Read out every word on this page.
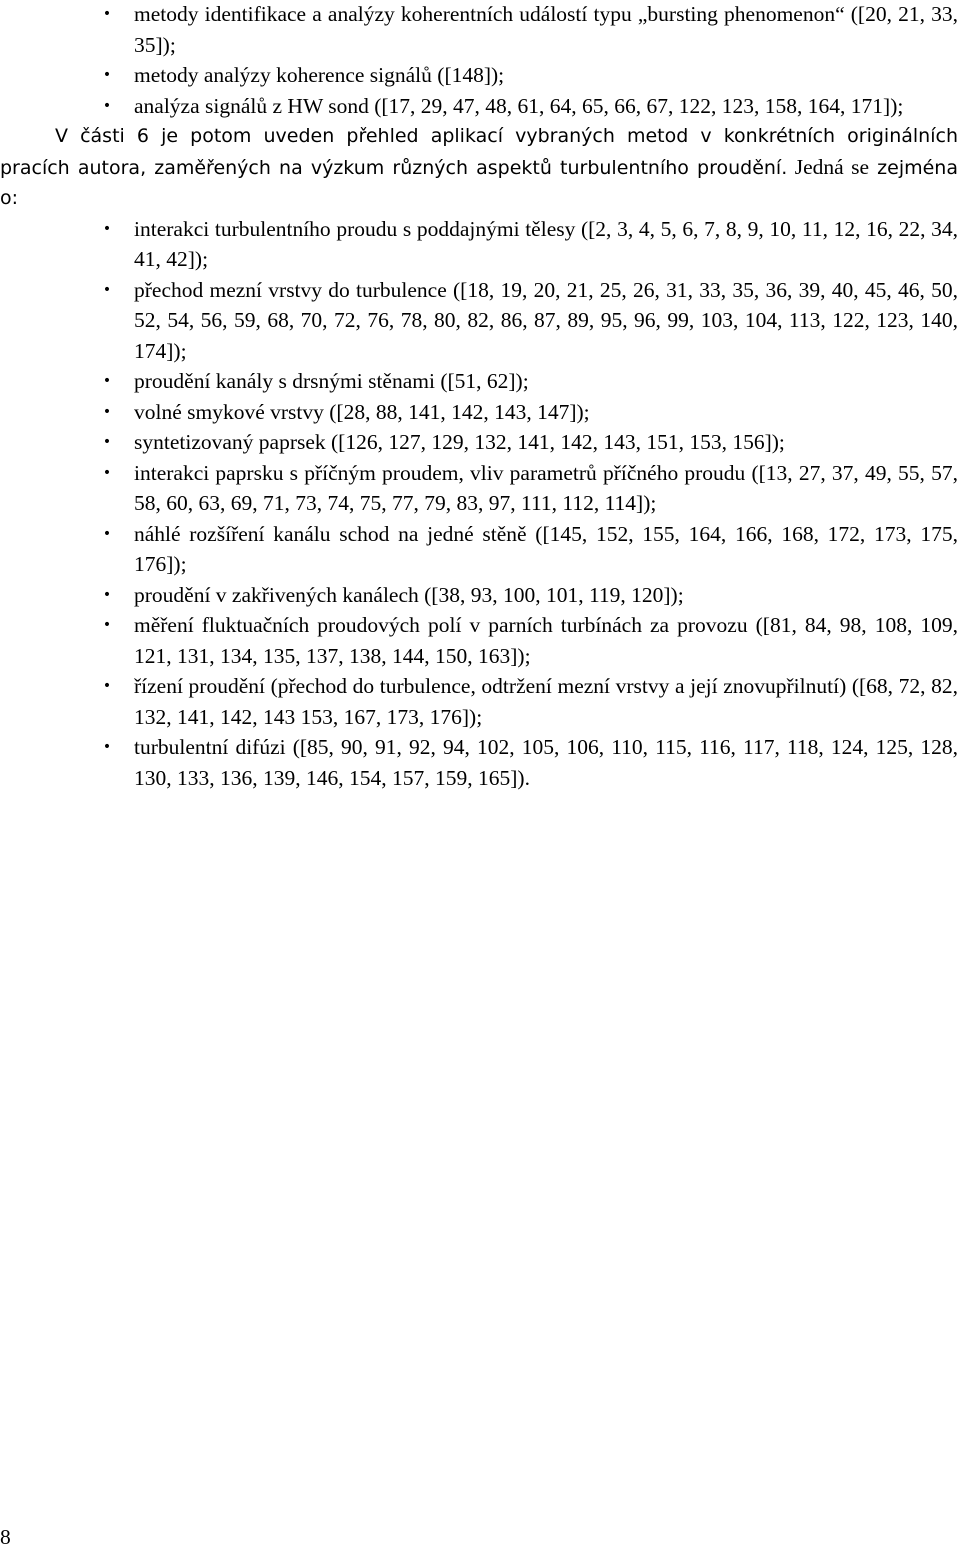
• metody identifikace a analýzy koherentních událostí typu „bursting phenomenon“ ([20, 21, 33, 35]);
• metody analýzy koherence signálů ([148]);
• analýza signálů z HW sond ([17, 29, 47, 48, 61, 64, 65, 66, 67, 122, 123, 158, 164, 171]);

V části 6 je potom uveden přehled aplikací vybraných metod v konkrétních originálních pracích autora, zaměřených na výzkum různých aspektů turbulentního proudění. Jedná se zejména o:

• interakci turbulentního proudu s poddajnými tělesy ([2, 3, 4, 5, 6, 7, 8, 9, 10, 11, 12, 16, 22, 34, 41, 42]);
• přechod mezní vrstvy do turbulence ([18, 19, 20, 21, 25, 26, 31, 33, 35, 36, 39, 40, 45, 46, 50, 52, 54, 56, 59, 68, 70, 72, 76, 78, 80, 82, 86, 87, 89, 95, 96, 99, 103, 104, 113, 122, 123, 140, 174]);
• proudění kanály s drsnými stěnami ([51, 62]);
• volné smykové vrstvy ([28, 88, 141, 142, 143, 147]);
• syntetizovaný paprsek ([126, 127, 129, 132, 141, 142, 143, 151, 153, 156]);
• interakci paprsku s příčným proudem, vliv parametrů příčného proudu ([13, 27, 37, 49, 55, 57, 58, 60, 63, 69, 71, 73, 74, 75, 77, 79, 83, 97, 111, 112, 114]);
• náhlé rozšíření kanálu schod na jedné stěně ([145, 152, 155, 164, 166, 168, 172, 173, 175, 176]);
• proudění v zakřivených kanálech ([38, 93, 100, 101, 119, 120]);
• měření fluktuačních proudových polí v parních turbínách za provozu ([81, 84, 98, 108, 109, 121, 131, 134, 135, 137, 138, 144, 150, 163]);
• řízení proudění (přechod do turbulence, odtržení mezní vrstvy a její znovupřilnutí) ([68, 72, 82, 132, 141, 142, 143 153, 167, 173, 176]);
• turbulentní difúzi ([85, 90, 91, 92, 94, 102, 105, 106, 110, 115, 116, 117, 118, 124, 125, 128, 130, 133, 136, 139, 146, 154, 157, 159, 165]).
8
